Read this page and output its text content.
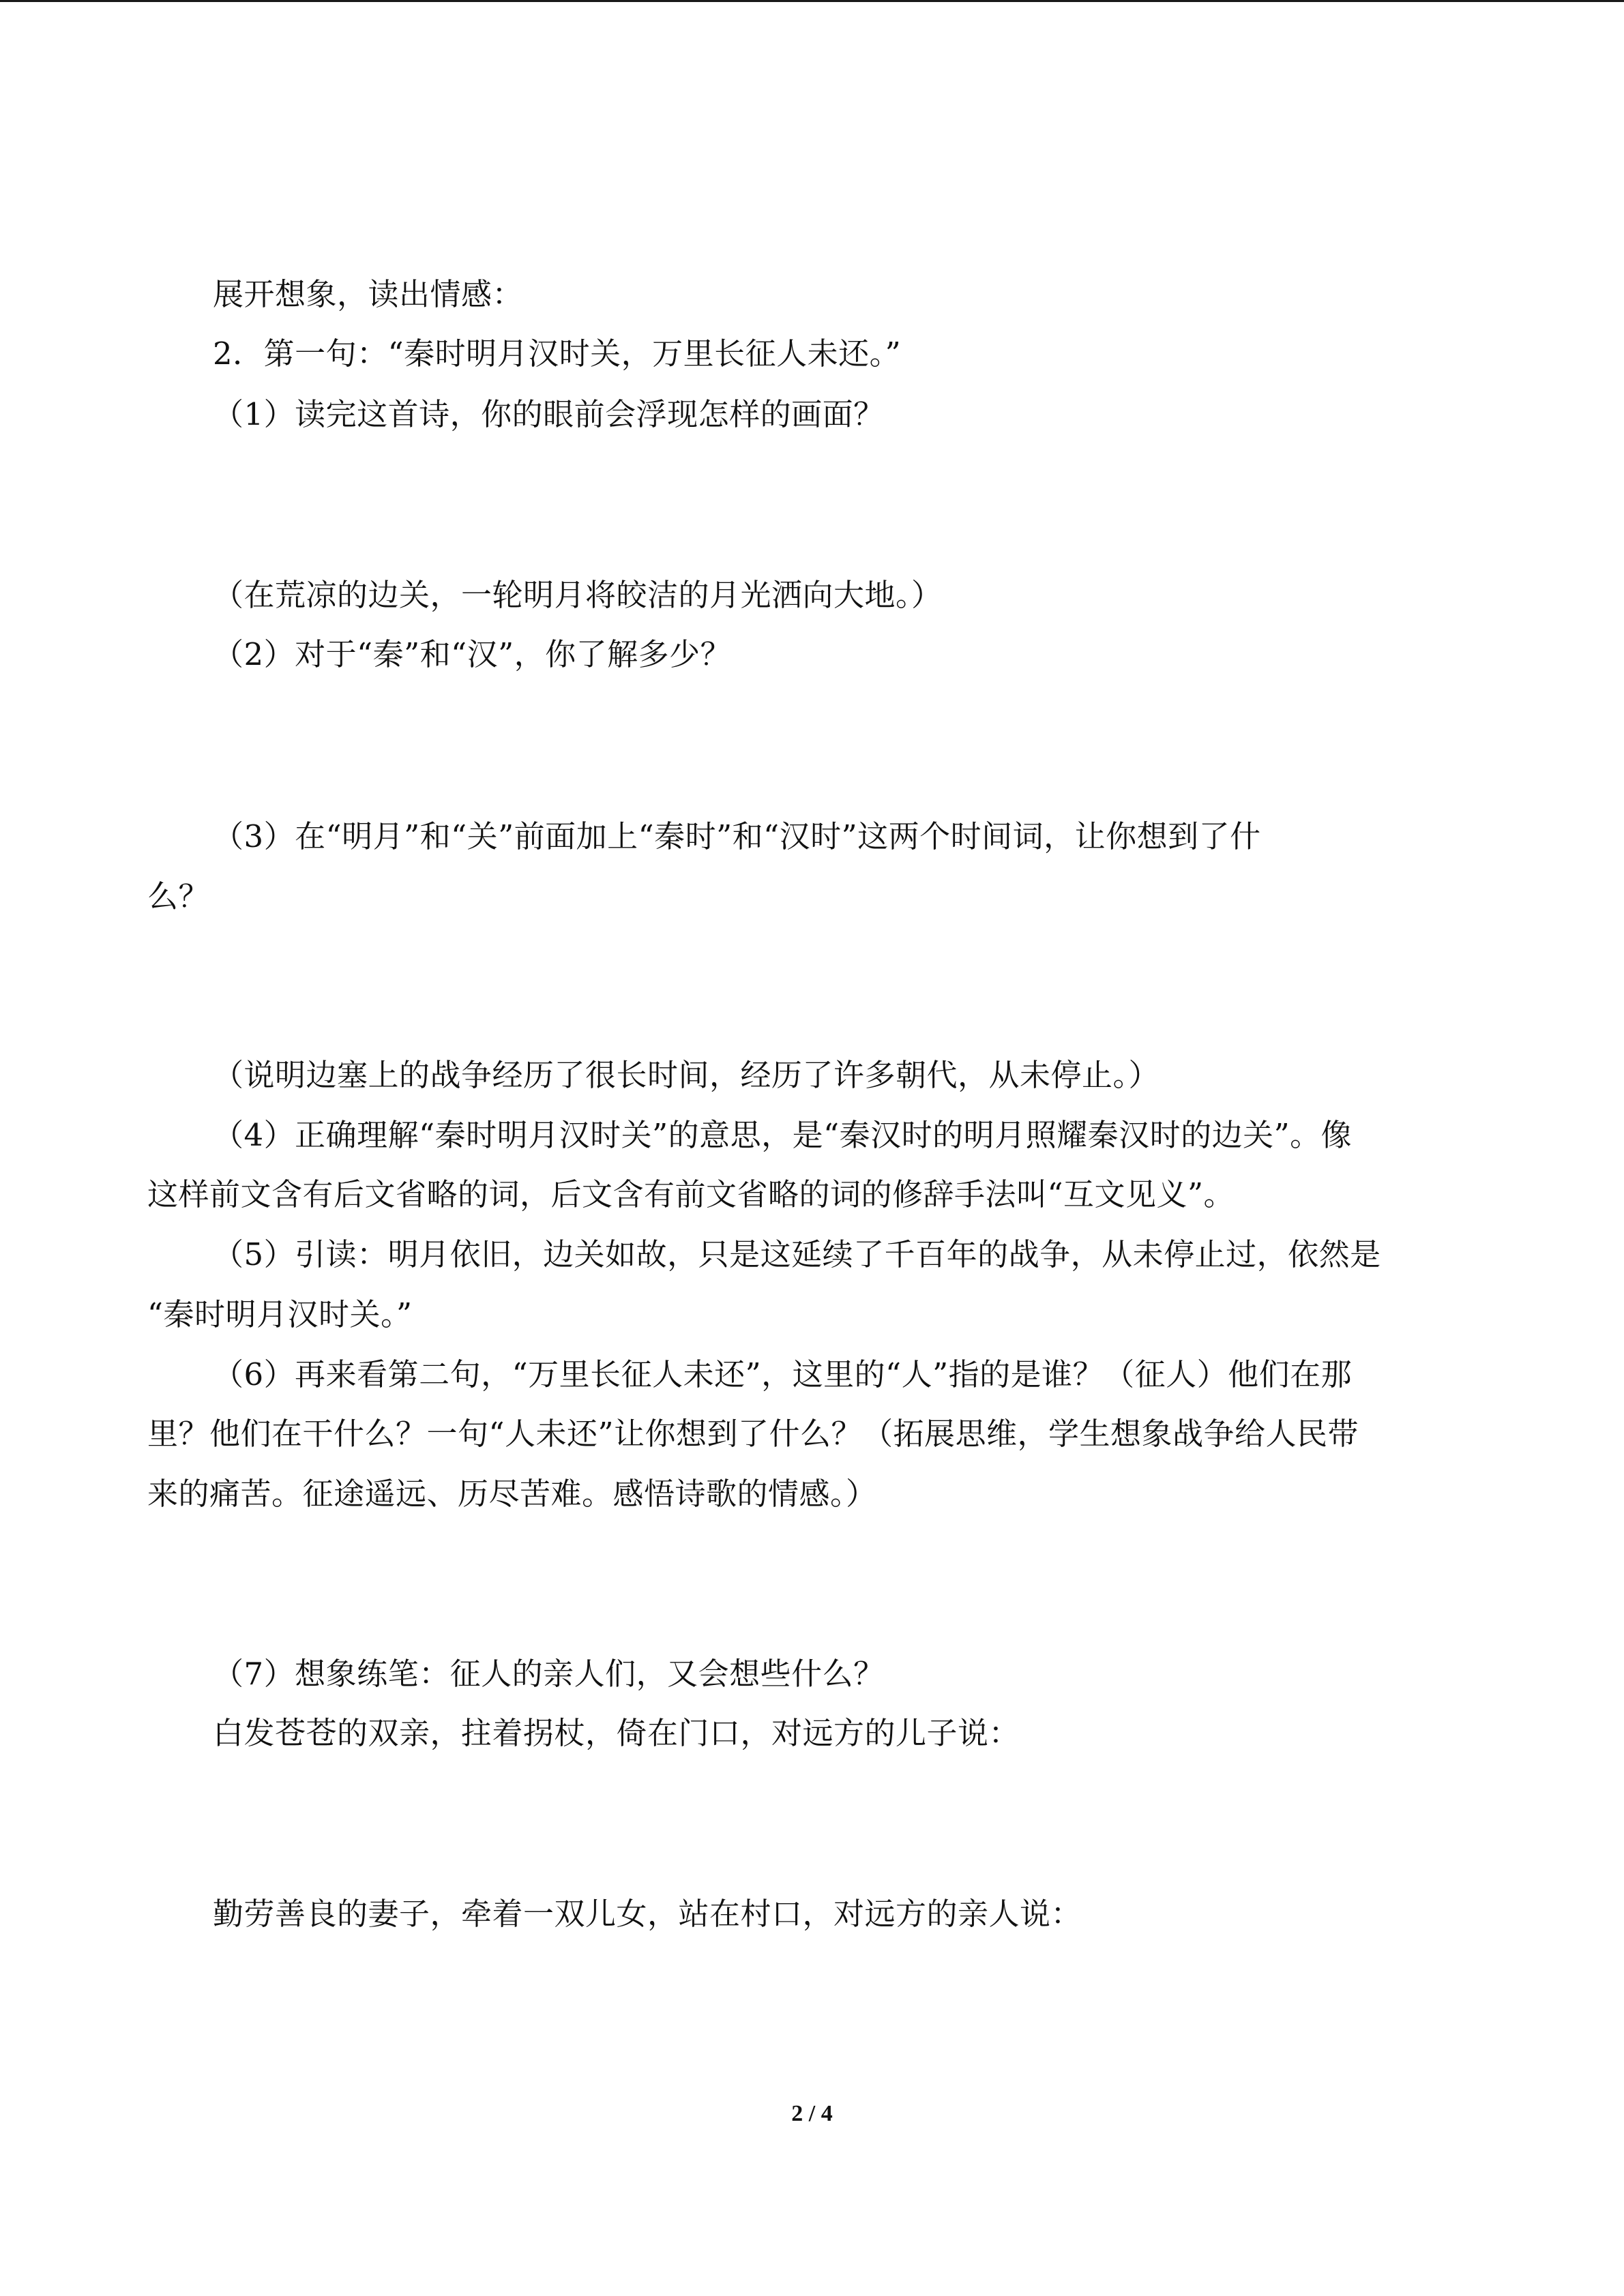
展开想象，读出情感：
2．第一句：“秦时明月汉时关，万里长征人未还。”
（1）读完这首诗，你的眼前会浮现怎样的画面？
（在荒凉的边关，一轮明月将皎洁的月光洒向大地。）
（2）对于“秦”和“汉”，你了解多少？
（3）在“明月”和“关”前面加上“秦时”和“汉时”这两个时间词，让你想到了什
么？
（说明边塞上的战争经历了很长时间，经历了许多朝代，从未停止。）
（4）正确理解“秦时明月汉时关”的意思，是“秦汉时的明月照耀秦汉时的边关”。像
这样前文含有后文省略的词，后文含有前文省略的词的修辞手法叫“互文见义”。
（5）引读：明月依旧，边关如故，只是这延续了千百年的战争，从未停止过，依然是
“秦时明月汉时关。”
（6）再来看第二句，“万里长征人未还”，这里的“人”指的是谁？（征人）他们在那
里？他们在干什么？一句“人未还”让你想到了什么？（拓展思维，学生想象战争给人民带
来的痛苦。征途遥远、历尽苦难。感悟诗歌的情感。）
（7）想象练笔：征人的亲人们，又会想些什么？
白发苍苍的双亲，拄着拐杖，倚在门口，对远方的儿子说：
勤劳善良的妻子，牵着一双儿女，站在村口，对远方的亲人说：
2 / 4
